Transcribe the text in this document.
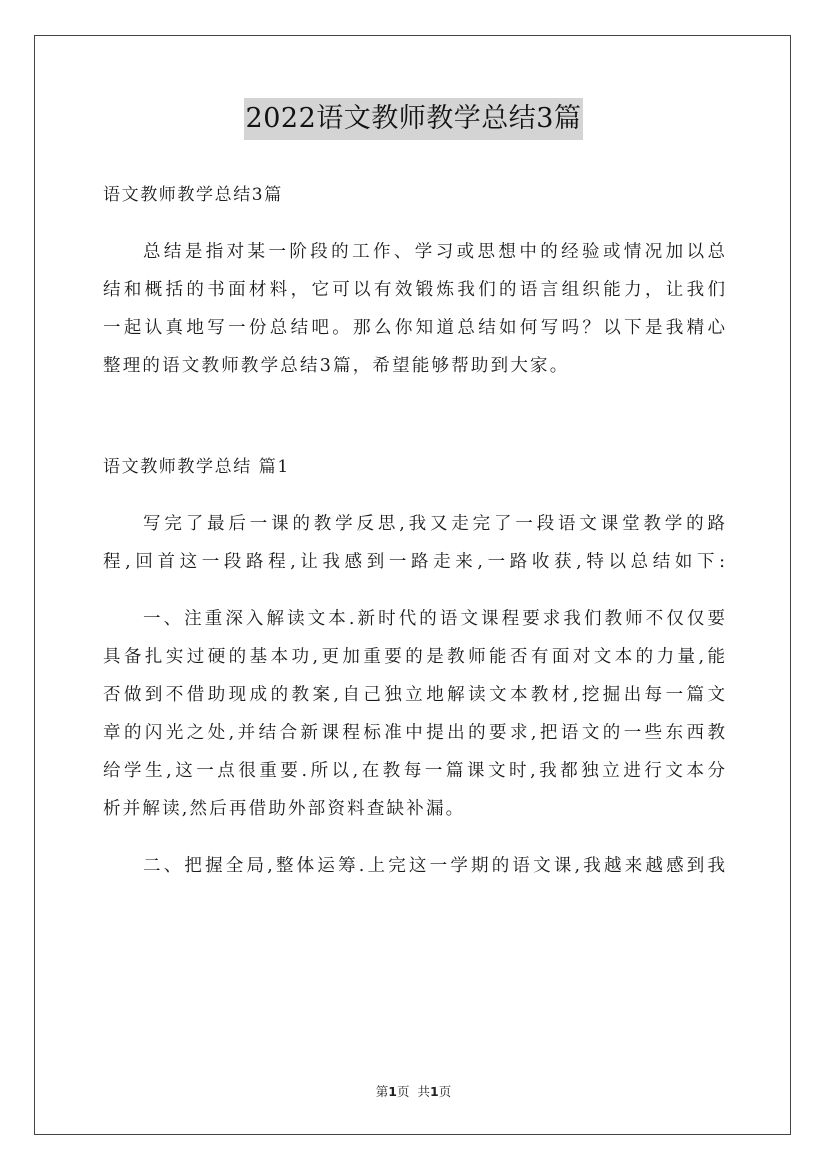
2022语文教师教学总结3篇
语文教师教学总结3篇
总结是指对某一阶段的工作、学习或思想中的经验或情况加以总
结和概括的书面材料，它可以有效锻炼我们的语言组织能力，让我们
一起认真地写一份总结吧。那么你知道总结如何写吗？以下是我精心
整理的语文教师教学总结3篇，希望能够帮助到大家。
语文教师教学总结 篇1
写完了最后一课的教学反思,我又走完了一段语文课堂教学的路
程,回首这一段路程,让我感到一路走来,一路收获,特以总结如下:
一、注重深入解读文本.新时代的语文课程要求我们教师不仅仅要
具备扎实过硬的基本功,更加重要的是教师能否有面对文本的力量,能
否做到不借助现成的教案,自己独立地解读文本教材,挖掘出每一篇文
章的闪光之处,并结合新课程标准中提出的要求,把语文的一些东西教
给学生,这一点很重要.所以,在教每一篇课文时,我都独立进行文本分
析并解读,然后再借助外部资料查缺补漏。
二、把握全局,整体运筹.上完这一学期的语文课,我越来越感到我
第1页 共1页
